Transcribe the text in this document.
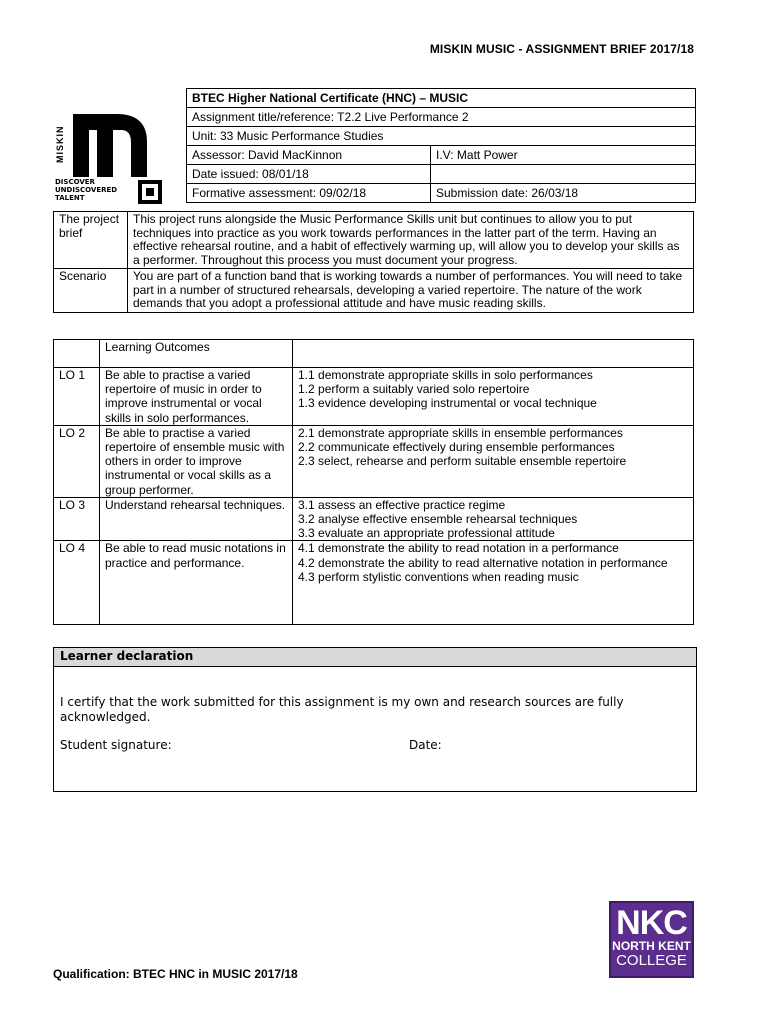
MISKIN MUSIC - ASSIGNMENT BRIEF 2017/18
MISKIN
DISCOVER
UNDISCOVERED
TALENT
BTEC Higher National Certificate (HNC) – MUSIC	
Assignment title/reference: T2.2 Live Performance 2	
Unit: 33 Music Performance Studies	
Assessor: David MacKinnon	I.V: Matt Power
Date issued: 08/01/18	
Formative assessment: 09/02/18	Submission date: 26/03/18
The project brief	This project runs alongside the Music Performance Skills unit but continues to allow you to put techniques into practice as you work towards performances in the latter part of the term. Having an effective rehearsal routine, and a habit of effectively warming up, will allow you to develop your skills as a performer. Throughout this process you must document your progress.
Scenario	You are part of a function band that is working towards a number of performances. You will need to take part in a number of structured rehearsals, developing a varied repertoire. The nature of the work demands that you adopt a professional attitude and have music reading skills.
	Learning Outcomes	
LO 1	Be able to practise a varied repertoire of music in order to improve instrumental or vocal skills in solo performances.	1.1 demonstrate appropriate skills in solo performances
1.2 perform a suitably varied solo repertoire
1.3 evidence developing instrumental or vocal technique

LO 2	Be able to practise a varied repertoire of ensemble music with others in order to improve instrumental or vocal skills as a group performer.	2.1 demonstrate appropriate skills in ensemble performances
2.2 communicate effectively during ensemble performances
2.3 select, rehearse and perform suitable ensemble repertoire

LO 3	Understand rehearsal techniques.	3.1 assess an effective practice regime
3.2 analyse effective ensemble rehearsal techniques
3.3 evaluate an appropriate professional attitude

LO 4	Be able to read music notations in practice and performance.	4.1 demonstrate the ability to read notation in a performance
4.2 demonstrate the ability to read alternative notation in performance
4.3 perform stylistic conventions when reading music
Learner declaration
I certify that the work submitted for this assignment is my own and research sources are fully acknowledged.
Student signature:	Date:
NKC
NORTH KENT
COLLEGE
Qualification: BTEC HNC in MUSIC 2017/18
